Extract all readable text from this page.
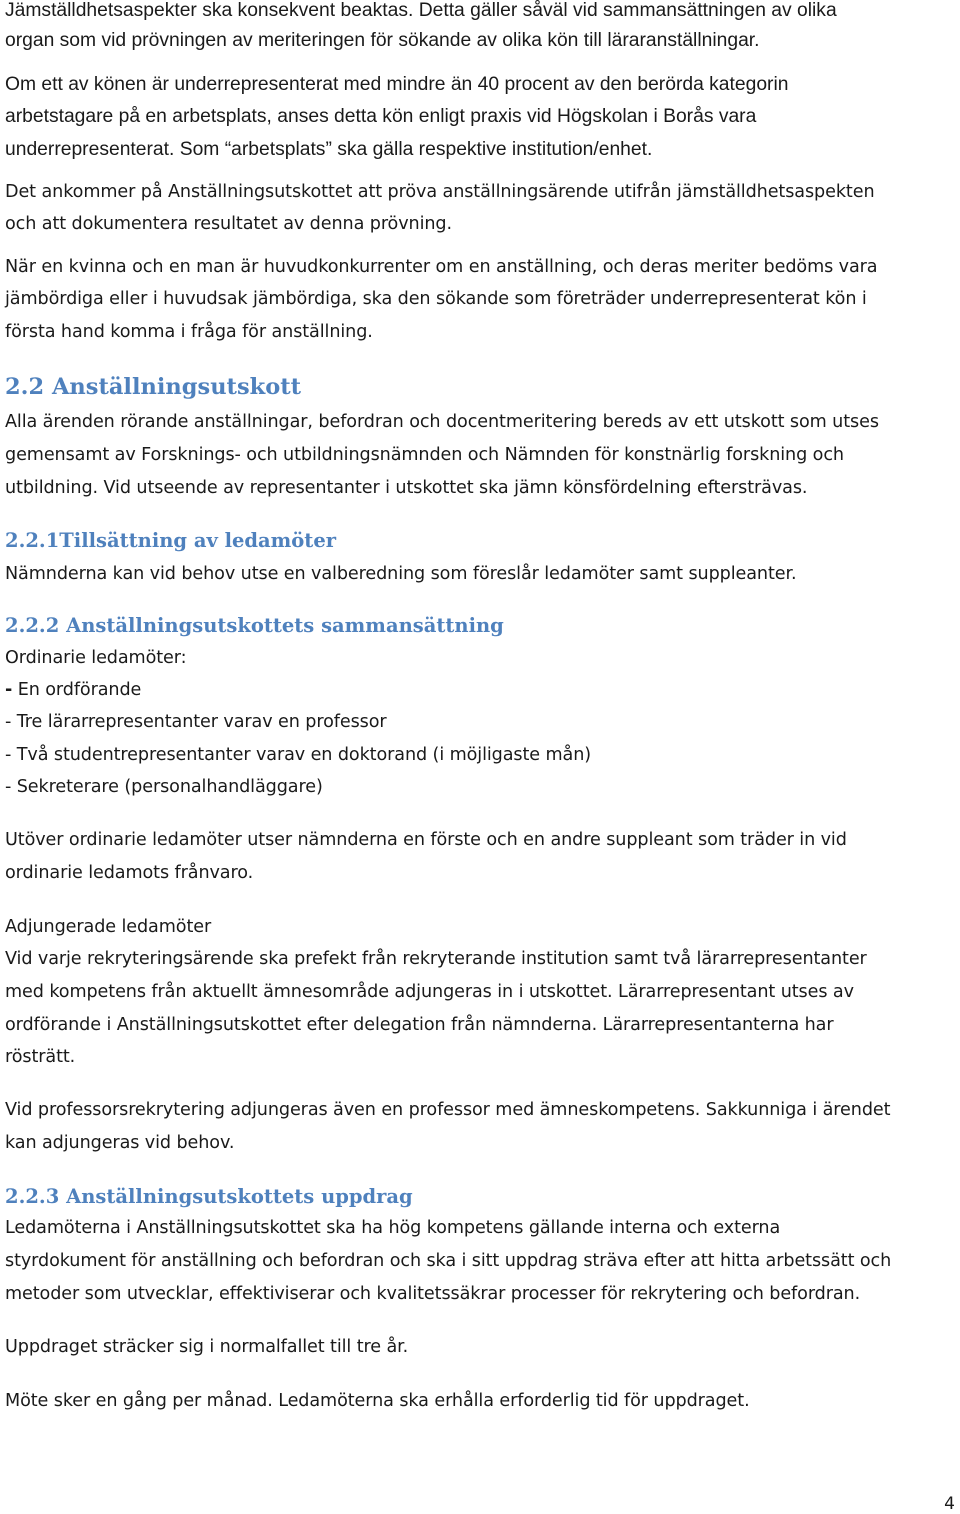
Jämställdhetsaspekter ska konsekvent beaktas. Detta gäller såväl vid sammansättningen av olika
organ som vid prövningen av meriteringen för sökande av olika kön till läraranställningar.
Om ett av könen är underrepresenterat med mindre än 40 procent av den berörda kategorin
arbetstagare på en arbetsplats, anses detta kön enligt praxis vid Högskolan i Borås vara
underrepresenterat. Som “arbetsplats” ska gälla respektive institution/enhet.
Det ankommer på Anställningsutskottet att pröva anställningsärende utifrån jämställdhetsaspekten
och att dokumentera resultatet av denna prövning.
När en kvinna och en man är huvudkonkurrenter om en anställning, och deras meriter bedöms vara
jämbördiga eller i huvudsak jämbördiga, ska den sökande som företräder underrepresenterat kön i
första hand komma i fråga för anställning.
2.2 Anställningsutskott
Alla ärenden rörande anställningar, befordran och docentmeritering bereds av ett utskott som utses
gemensamt av Forsknings- och utbildningsnämnden och Nämnden för konstnärlig forskning och
utbildning. Vid utseende av representanter i utskottet ska jämn könsfördelning eftersträvas.
2.2.1Tillsättning av ledamöter
Nämnderna kan vid behov utse en valberedning som föreslår ledamöter samt suppleanter.
2.2.2 Anställningsutskottets sammansättning
Ordinarie ledamöter:
- En ordförande
- Tre lärarrepresentanter varav en professor
- Två studentrepresentanter varav en doktorand (i möjligaste mån)
- Sekreterare (personalhandläggare)
Utöver ordinarie ledamöter utser nämnderna en förste och en andre suppleant som träder in vid
ordinarie ledamots frånvaro.
Adjungerade ledamöter
Vid varje rekryteringsärende ska prefekt från rekryterande institution samt två lärarrepresentanter
med kompetens från aktuellt ämnesområde adjungeras in i utskottet. Lärarrepresentant utses av
ordförande i Anställningsutskottet efter delegation från nämnderna. Lärarrepresentanterna har
rösträtt.
Vid professorsrekrytering adjungeras även en professor med ämneskompetens. Sakkunniga i ärendet
kan adjungeras vid behov.
2.2.3 Anställningsutskottets uppdrag
Ledamöterna i Anställningsutskottet ska ha hög kompetens gällande interna och externa
styrdokument för anställning och befordran och ska i sitt uppdrag sträva efter att hitta arbetssätt och
metoder som utvecklar, effektiviserar och kvalitetssäkrar processer för rekrytering och befordran.
Uppdraget sträcker sig i normalfallet till tre år.
Möte sker en gång per månad. Ledamöterna ska erhålla erforderlig tid för uppdraget.
4
